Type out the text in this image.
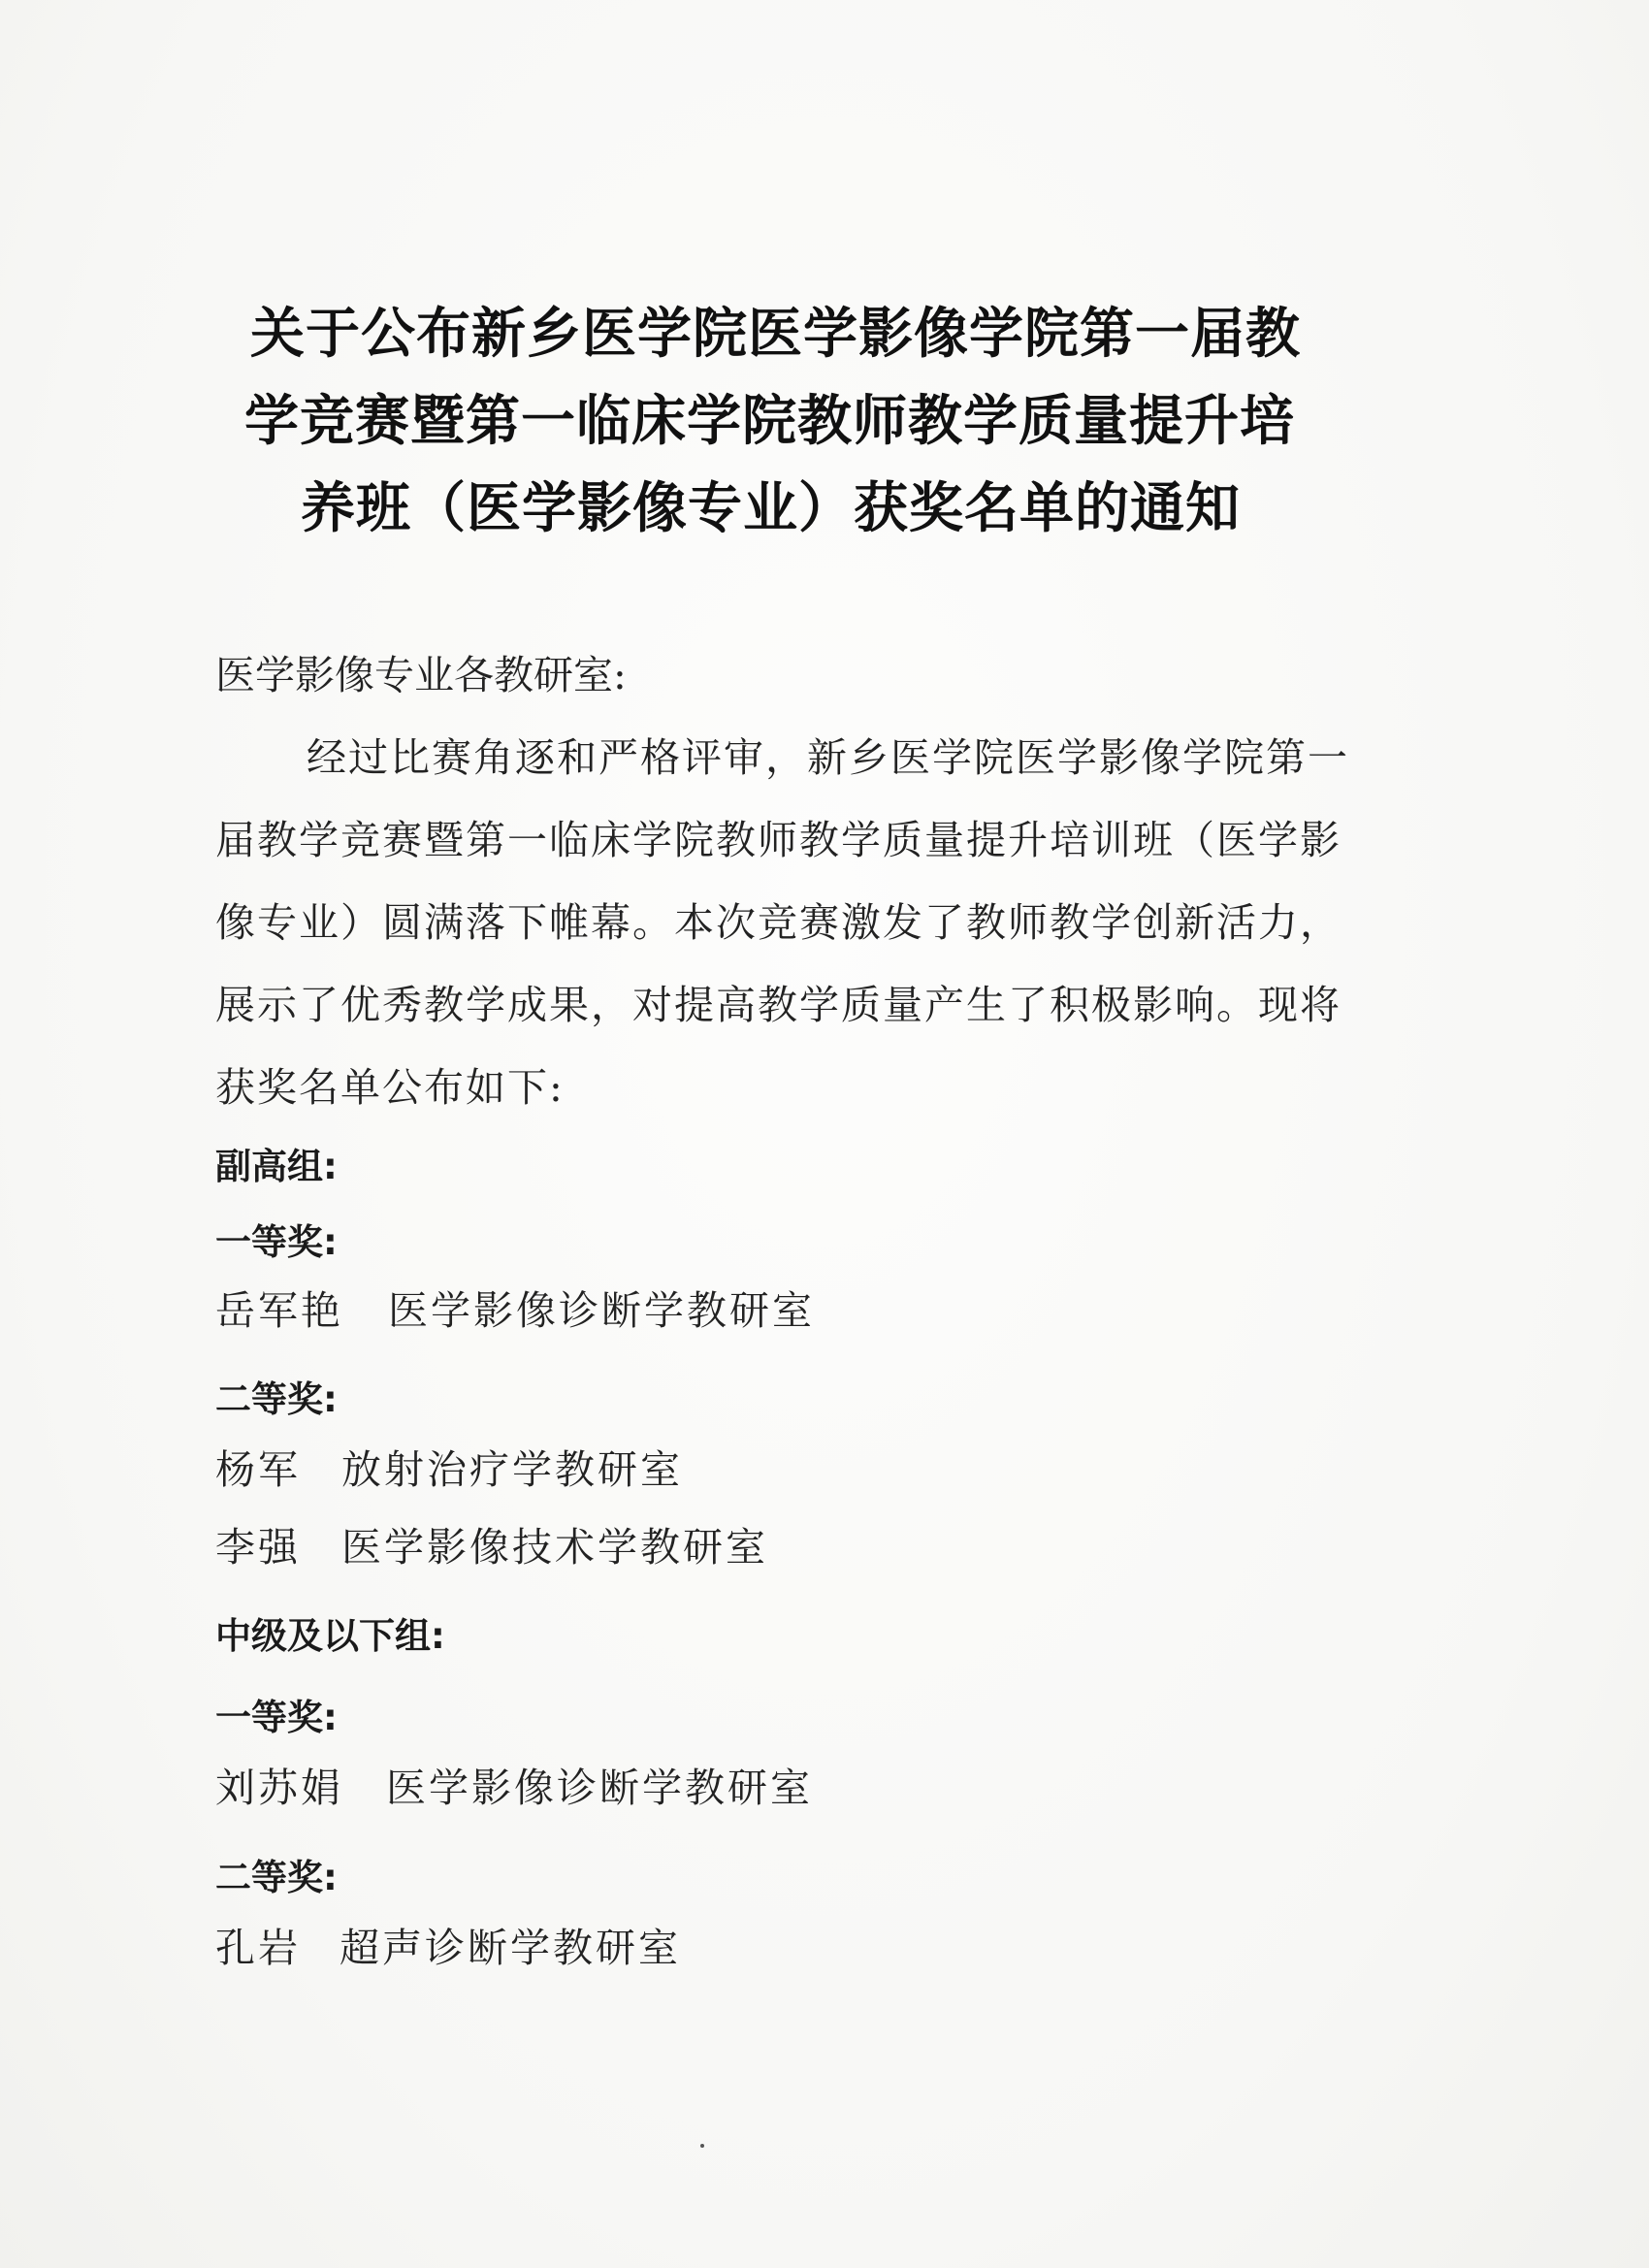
关于公布新乡医学院医学影像学院第一届教
学竞赛暨第一临床学院教师教学质量提升培
养班（医学影像专业）获奖名单的通知
医学影像专业各教研室:
经过比赛角逐和严格评审，新乡医学院医学影像学院第一
届教学竞赛暨第一临床学院教师教学质量提升培训班（医学影
像专业）圆满落下帷幕。本次竞赛激发了教师教学创新活力，
展示了优秀教学成果，对提高教学质量产生了积极影响。现将
获奖名单公布如下:
副高组:
一等奖:
岳军艳 医学影像诊断学教研室
二等奖:
杨军 放射治疗学教研室
李强 医学影像技术学教研室
中级及以下组:
一等奖:
刘苏娟 医学影像诊断学教研室
二等奖:
孔岩 超声诊断学教研室
